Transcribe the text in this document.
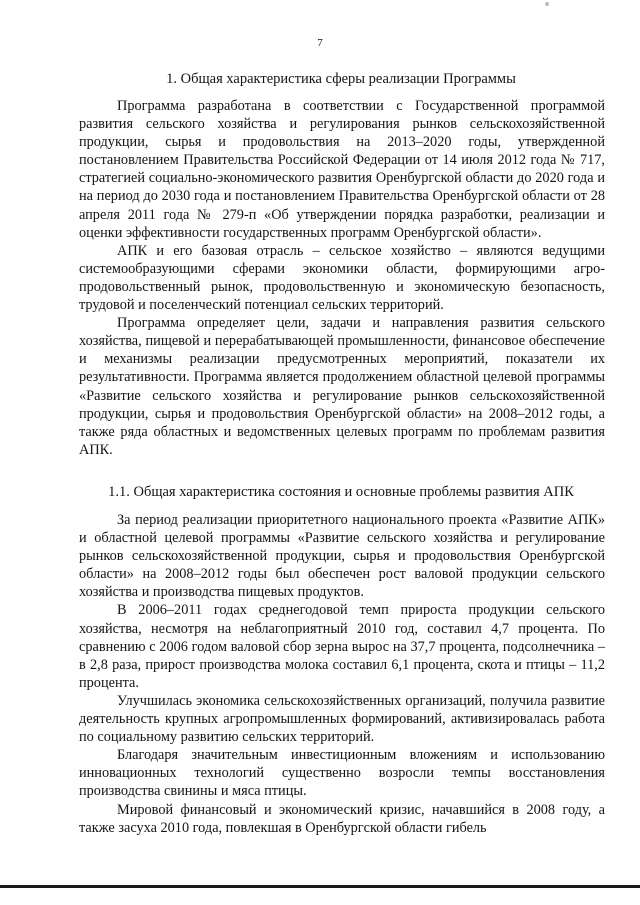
7
1. Общая характеристика сферы реализации Программы

Программа разработана в соответствии с Государственной программой развития сельского хозяйства и регулирования рынков сельскохозяйственной продукции, сырья и продовольствия на 2013–2020 годы, утвержденной постановлением Правительства Российской Федерации от 14 июля 2012 года № 717, стратегией социально-экономического развития Оренбургской области до 2020 года и на период до 2030 года и постановлением Правительства Оренбургской области от 28 апреля 2011 года № 279-п «Об утверждении порядка разработки, реализации и оценки эффективности государственных программ Оренбургской области».

АПК и его базовая отрасль – сельское хозяйство – являются ведущими системообразующими сферами экономики области, формирующими агропродовольственный рынок, продовольственную и экономическую безопасность, трудовой и поселенческий потенциал сельских территорий.

Программа определяет цели, задачи и направления развития сельского хозяйства, пищевой и перерабатывающей промышленности, финансовое обеспечение и механизмы реализации предусмотренных мероприятий, показатели их результативности. Программа является продолжением областной целевой программы «Развитие сельского хозяйства и регулирование рынков сельскохозяйственной продукции, сырья и продовольствия Оренбургской области» на 2008–2012 годы, а также ряда областных и ведомственных целевых программ по проблемам развития АПК.

1.1. Общая характеристика состояния и основные проблемы развития АПК

За период реализации приоритетного национального проекта «Развитие АПК» и областной целевой программы «Развитие сельского хозяйства и регулирование рынков сельскохозяйственной продукции, сырья и продовольствия Оренбургской области» на 2008–2012 годы был обеспечен рост валовой продукции сельского хозяйства и производства пищевых продуктов.

В 2006–2011 годах среднегодовой темп прироста продукции сельского хозяйства, несмотря на неблагоприятный 2010 год, составил 4,7 процента. По сравнению с 2006 годом валовой сбор зерна вырос на 37,7 процента, подсолнечника – в 2,8 раза, прирост производства молока составил 6,1 процента, скота и птицы – 11,2 процента.

Улучшилась экономика сельскохозяйственных организаций, получила развитие деятельность крупных агропромышленных формирований, активизировалась работа по социальному развитию сельских территорий.

Благодаря значительным инвестиционным вложениям и использованию инновационных технологий существенно возросли темпы восстановления производства свинины и мяса птицы.

Мировой финансовый и экономический кризис, начавшийся в 2008 году, а также засуха 2010 года, повлекшая в Оренбургской области гибель
